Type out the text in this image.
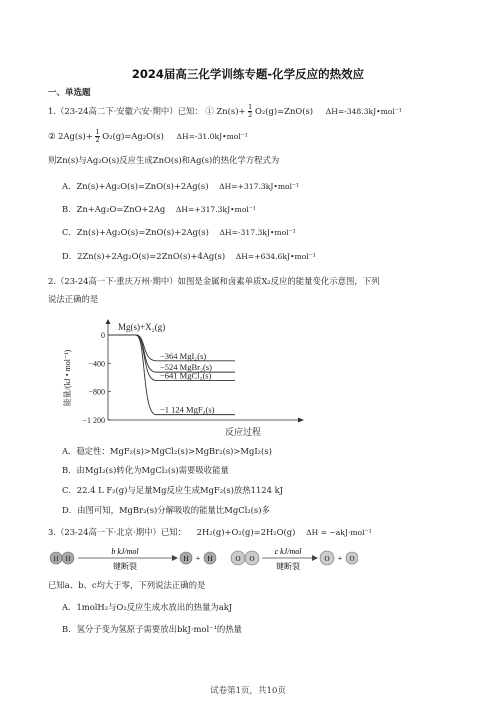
2024届高三化学训练专题-化学反应的热效应
一、单选题
1.（23-24高二下·安徽六安·期中）已知： ① $Zn(s)+ \frac{1}{2} O_2(g)=ZnO(s)$ ΔH=-348.3kJ•mol⁻¹
② $2Ag(s)+ \frac{1}{2} O_2(g)=Ag_2O(s)$ ΔH=-31.0kJ•mol⁻¹
则Zn(s)与Ag₂O(s)反应生成ZnO(s)和Ag(s)的热化学方程式为
A．Zn(s)+Ag₂O(s)=ZnO(s)+2Ag(s) ΔH=+317.3kJ•mol⁻¹
B．Zn+Ag₂O=ZnO+2Ag ΔH=+317.3kJ•mol⁻¹
C．Zn(s)+Ag₂O(s)=ZnO(s)+2Ag(s) ΔH=-317.3kJ•mol⁻¹
D．2Zn(s)+2Ag₂O(s)=2ZnO(s)+4Ag(s) ΔH=+634.6kJ•mol⁻¹
2.（23-24高一下·重庆万州·期中）如图是金属和卤素单质X₂反应的能量变化示意图，下列
说法正确的是
0
−400
−800
−1 200
能量/(kJ • mol⁻¹)
反应过程
Mg(s)+X₂(g)
−364 MgI₂(s)
−524 MgBr₂(s)
−641 MgCl₂(s)
−1 124 MgF₂(s)
A．稳定性：MgF₂(s)>MgCl₂(s)>MgBr₂(s)>MgI₂(s)
B．由MgI₂(s)转化为MgCl₂(s)需要吸收能量
C．22.4 L F₂(g)与足量Mg反应生成MgF₂(s)放热1124 kJ
D．由图可知，MgBr₂(s)分解吸收的能量比MgCl₂(s)多
3.（23-24高一下·北京·期中）已知： 2H₂(g)+O₂(g)=2H₂O(g) ΔH = −akJ·mol⁻¹
H H
b kJ/mol
键断裂
H + H	O O
c kJ/mol
键断裂
O + O
已知a、b、c均大于零，下列说法正确的是
A．1molH₂与O₂反应生成水放出的热量为akJ
B．氢分子变为氢原子需要放出bkJ·mol⁻¹的热量
试卷第1页，共10页
